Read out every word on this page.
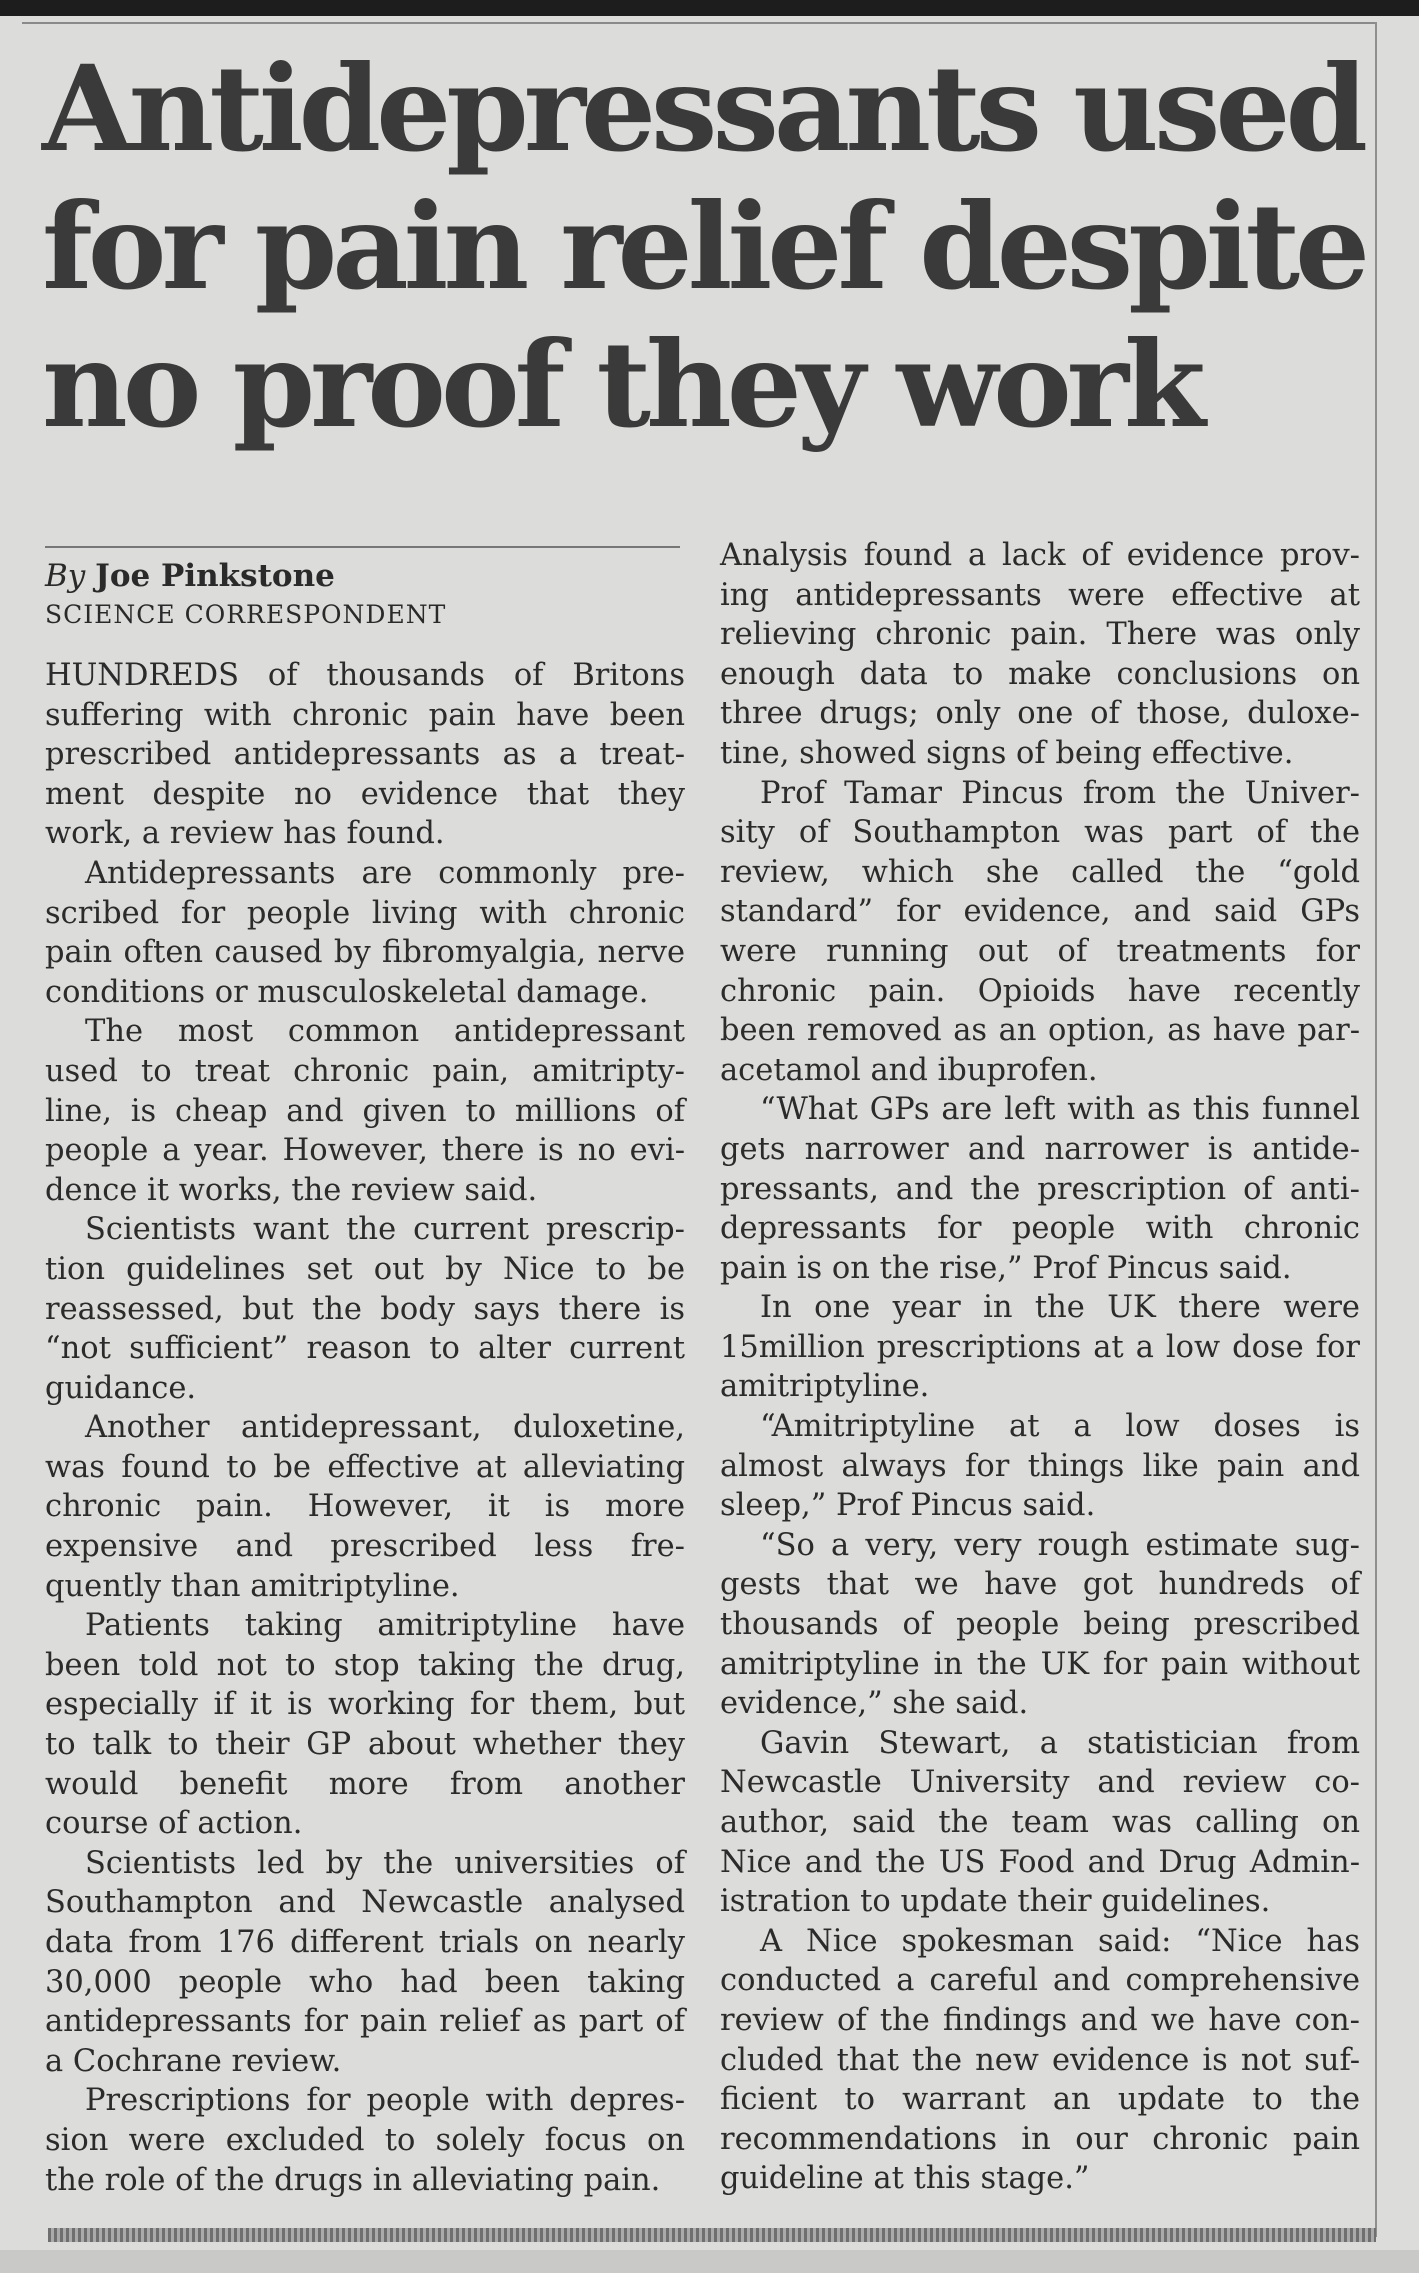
Antidepressants used
for pain relief despite
no proof they work
By Joe Pinkstone
SCIENCE CORRESPONDENT

HUNDREDS of thousands of Britons
suffering with chronic pain have been
prescribed antidepressants as a treat-
ment despite no evidence that they
work, a review has found.

Antidepressants are commonly pre-
scribed for people living with chronic
pain often caused by fibromyalgia, nerve
conditions or musculoskeletal damage.

The most common antidepressant
used to treat chronic pain, amitripty-
line, is cheap and given to millions of
people a year. However, there is no evi-
dence it works, the review said.

Scientists want the current prescrip-
tion guidelines set out by Nice to be
reassessed, but the body says there is
“not sufficient” reason to alter current
guidance.

Another antidepressant, duloxetine,
was found to be effective at alleviating
chronic pain. However, it is more
expensive and prescribed less fre-
quently than amitriptyline.

Patients taking amitriptyline have
been told not to stop taking the drug,
especially if it is working for them, but
to talk to their GP about whether they
would benefit more from another
course of action.

Scientists led by the universities of
Southampton and Newcastle analysed
data from 176 different trials on nearly
30,000 people who had been taking
antidepressants for pain relief as part of
a Cochrane review.

Prescriptions for people with depres-
sion were excluded to solely focus on
the role of the drugs in alleviating pain.

Analysis found a lack of evidence prov-
ing antidepressants were effective at
relieving chronic pain. There was only
enough data to make conclusions on
three drugs; only one of those, duloxe-
tine, showed signs of being effective.

Prof Tamar Pincus from the Univer-
sity of Southampton was part of the
review, which she called the “gold
standard” for evidence, and said GPs
were running out of treatments for
chronic pain. Opioids have recently
been removed as an option, as have par-
acetamol and ibuprofen.

“What GPs are left with as this funnel
gets narrower and narrower is antide-
pressants, and the prescription of anti-
depressants for people with chronic
pain is on the rise,” Prof Pincus said.

In one year in the UK there were
15million prescriptions at a low dose for
amitriptyline.

“Amitriptyline at a low doses is
almost always for things like pain and
sleep,” Prof Pincus said.

“So a very, very rough estimate sug-
gests that we have got hundreds of
thousands of people being prescribed
amitriptyline in the UK for pain without
evidence,” she said.

Gavin Stewart, a statistician from
Newcastle University and review co-
author, said the team was calling on
Nice and the US Food and Drug Admin-
istration to update their guidelines.

A Nice spokesman said: “Nice has
conducted a careful and comprehensive
review of the findings and we have con-
cluded that the new evidence is not suf-
ficient to warrant an update to the
recommendations in our chronic pain
guideline at this stage.”
